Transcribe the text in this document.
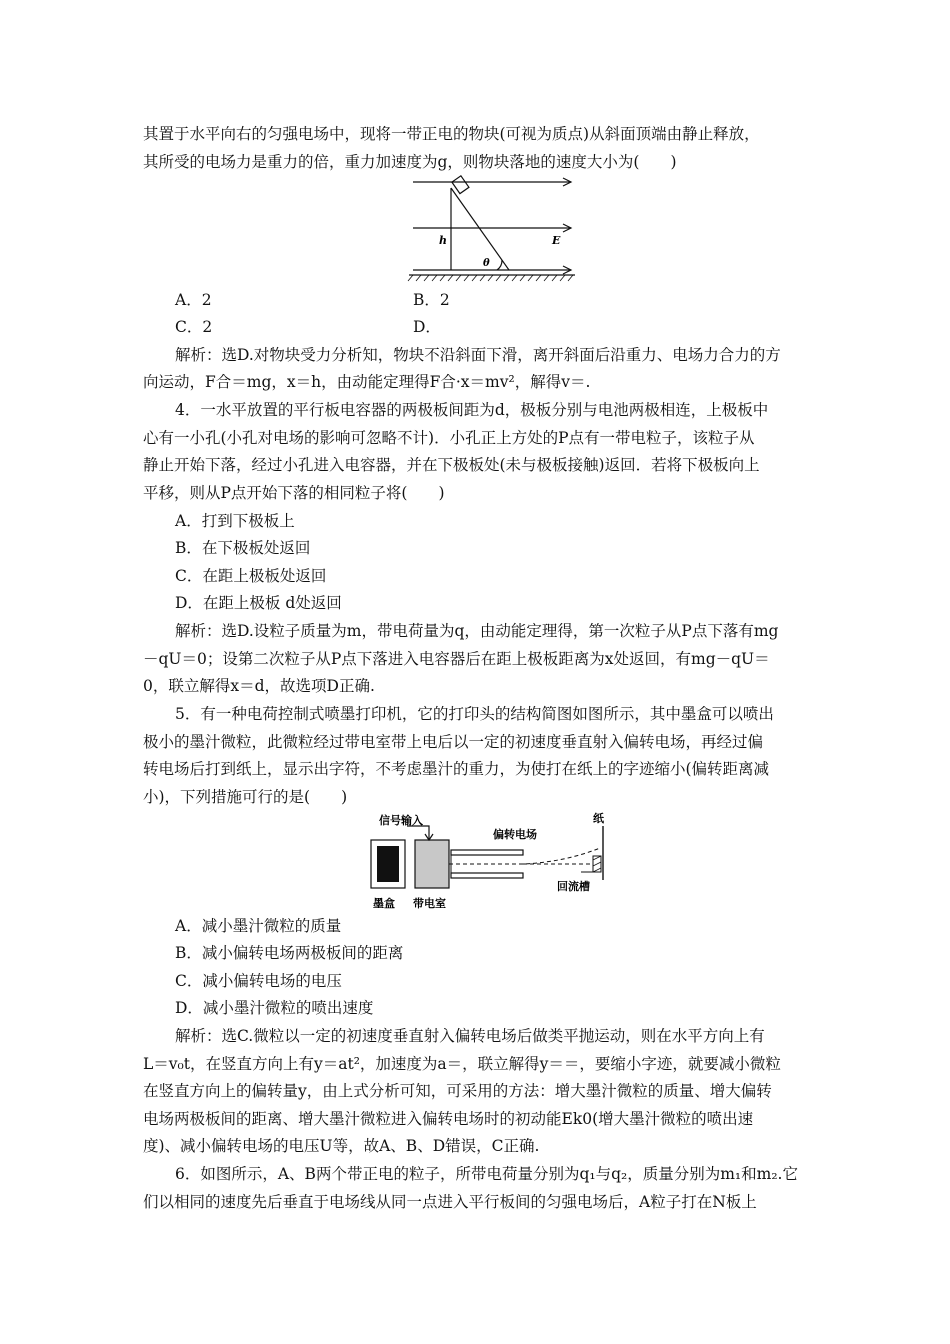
其置于水平向右的匀强电场中，现将一带正电的物块(可视为质点)从斜面顶端由静止释放，
其所受的电场力是重力的倍，重力加速度为g，则物块落地的速度大小为(　　)
h
θ
E
A．2	B．2
C．2	D．
解析：选D.对物块受力分析知，物块不沿斜面下滑，离开斜面后沿重力、电场力合力的方
向运动，F合＝mg，x＝h，由动能定理得F合·x＝mv²，解得v＝.
4．一水平放置的平行板电容器的两极板间距为d，极板分别与电池两极相连，上极板中
心有一小孔(小孔对电场的影响可忽略不计)．小孔正上方处的P点有一带电粒子，该粒子从
静止开始下落，经过小孔进入电容器，并在下极板处(未与极板接触)返回．若将下极板向上
平移，则从P点开始下落的相同粒子将(　　)
A．打到下极板上
B．在下极板处返回
C．在距上极板处返回
D．在距上极板 d处返回
解析：选D.设粒子质量为m，带电荷量为q，由动能定理得，第一次粒子从P点下落有mg
－qU＝0；设第二次粒子从P点下落进入电容器后在距上极板距离为x处返回，有mg－qU＝
0，联立解得x＝d，故选项D正确.
5．有一种电荷控制式喷墨打印机，它的打印头的结构简图如图所示，其中墨盒可以喷出
极小的墨汁微粒，此微粒经过带电室带上电后以一定的初速度垂直射入偏转电场，再经过偏
转电场后打到纸上，显示出字符，不考虑墨汁的重力，为使打在纸上的字迹缩小(偏转距离减
小)，下列措施可行的是(　　)
信号输入
偏转电场
纸
墨盒 带电室
回流槽
A．减小墨汁微粒的质量
B．减小偏转电场两极板间的距离
C．减小偏转电场的电压
D．减小墨汁微粒的喷出速度
解析：选C.微粒以一定的初速度垂直射入偏转电场后做类平抛运动，则在水平方向上有
L＝v₀t，在竖直方向上有y＝at²，加速度为a＝，联立解得y＝＝，要缩小字迹，就要减小微粒
在竖直方向上的偏转量y，由上式分析可知，可采用的方法：增大墨汁微粒的质量、增大偏转
电场两极板间的距离、增大墨汁微粒进入偏转电场时的初动能Ek0(增大墨汁微粒的喷出速
度)、减小偏转电场的电压U等，故A、B、D错误，C正确.
6．如图所示，A、B两个带正电的粒子，所带电荷量分别为q₁与q₂，质量分别为m₁和m₂.它
们以相同的速度先后垂直于电场线从同一点进入平行板间的匀强电场后，A粒子打在N板上
